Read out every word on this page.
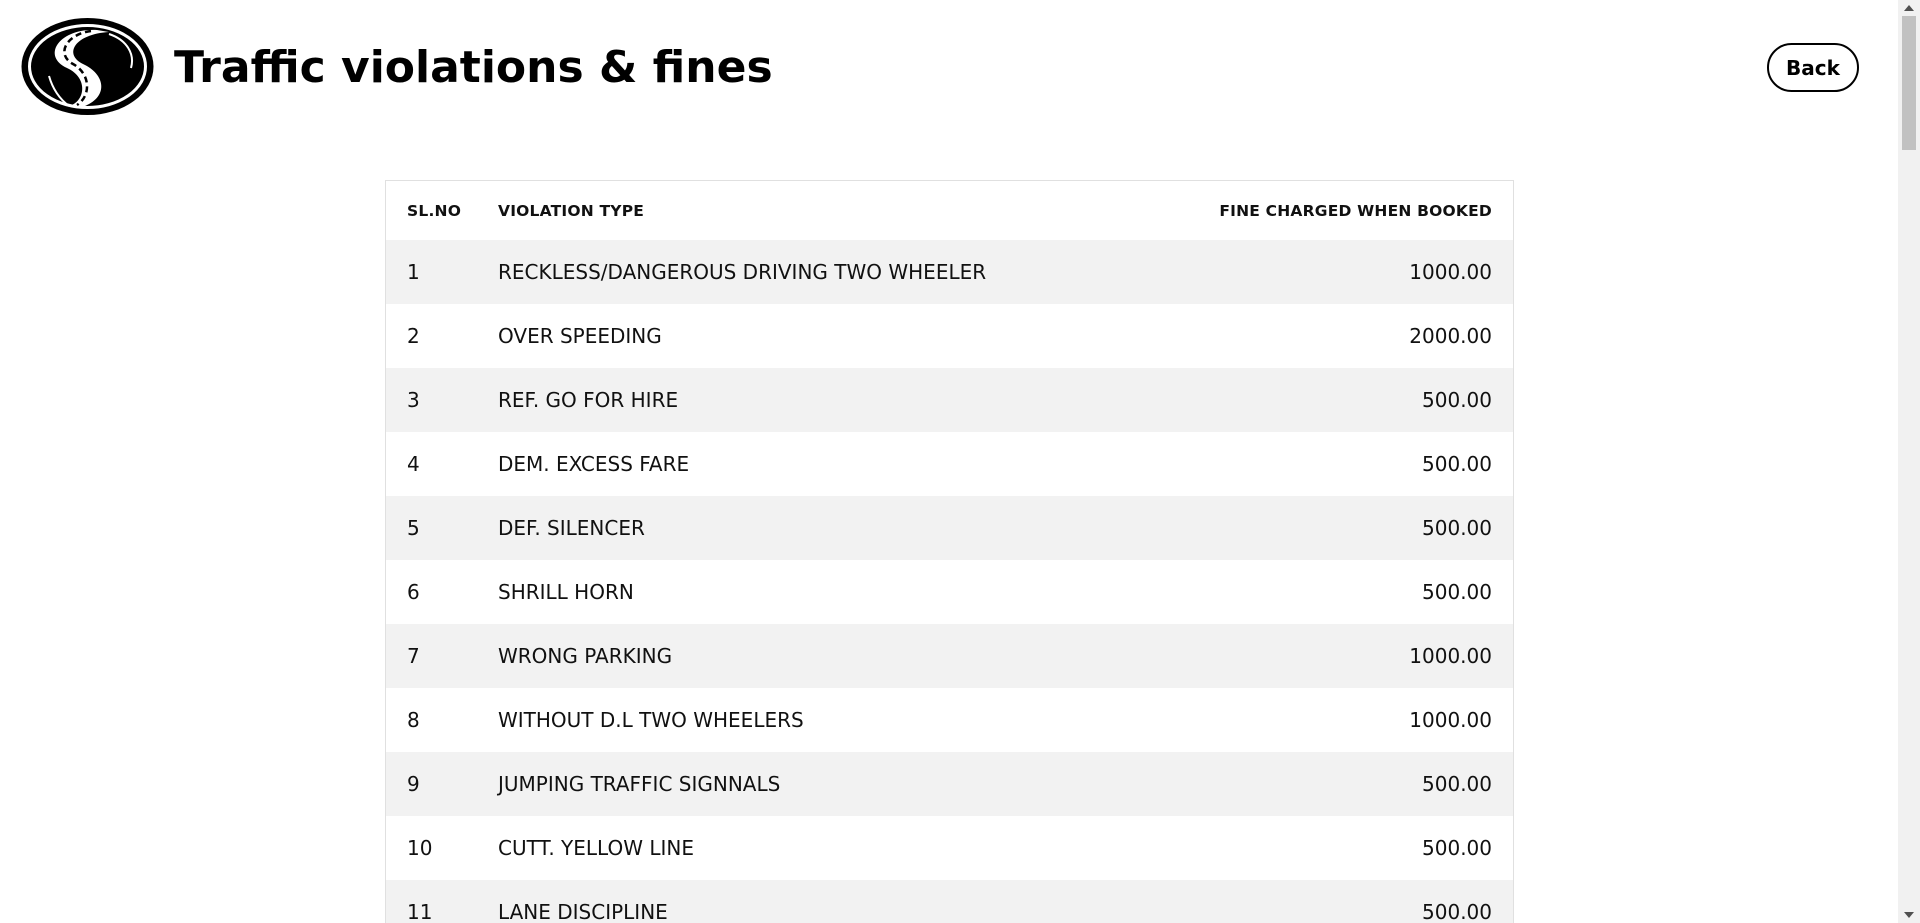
Traffic violations & fines	Back
SL.NO	VIOLATION TYPE	FINE CHARGED WHEN BOOKED
1	RECKLESS/DANGEROUS DRIVING TWO WHEELER	1000.00
2	OVER SPEEDING	2000.00
3	REF. GO FOR HIRE	500.00
4	DEM. EXCESS FARE	500.00
5	DEF. SILENCER	500.00
6	SHRILL HORN	500.00
7	WRONG PARKING	1000.00
8	WITHOUT D.L TWO WHEELERS	1000.00
9	JUMPING TRAFFIC SIGNNALS	500.00
10	CUTT. YELLOW LINE	500.00
11	LANE DISCIPLINE	500.00
